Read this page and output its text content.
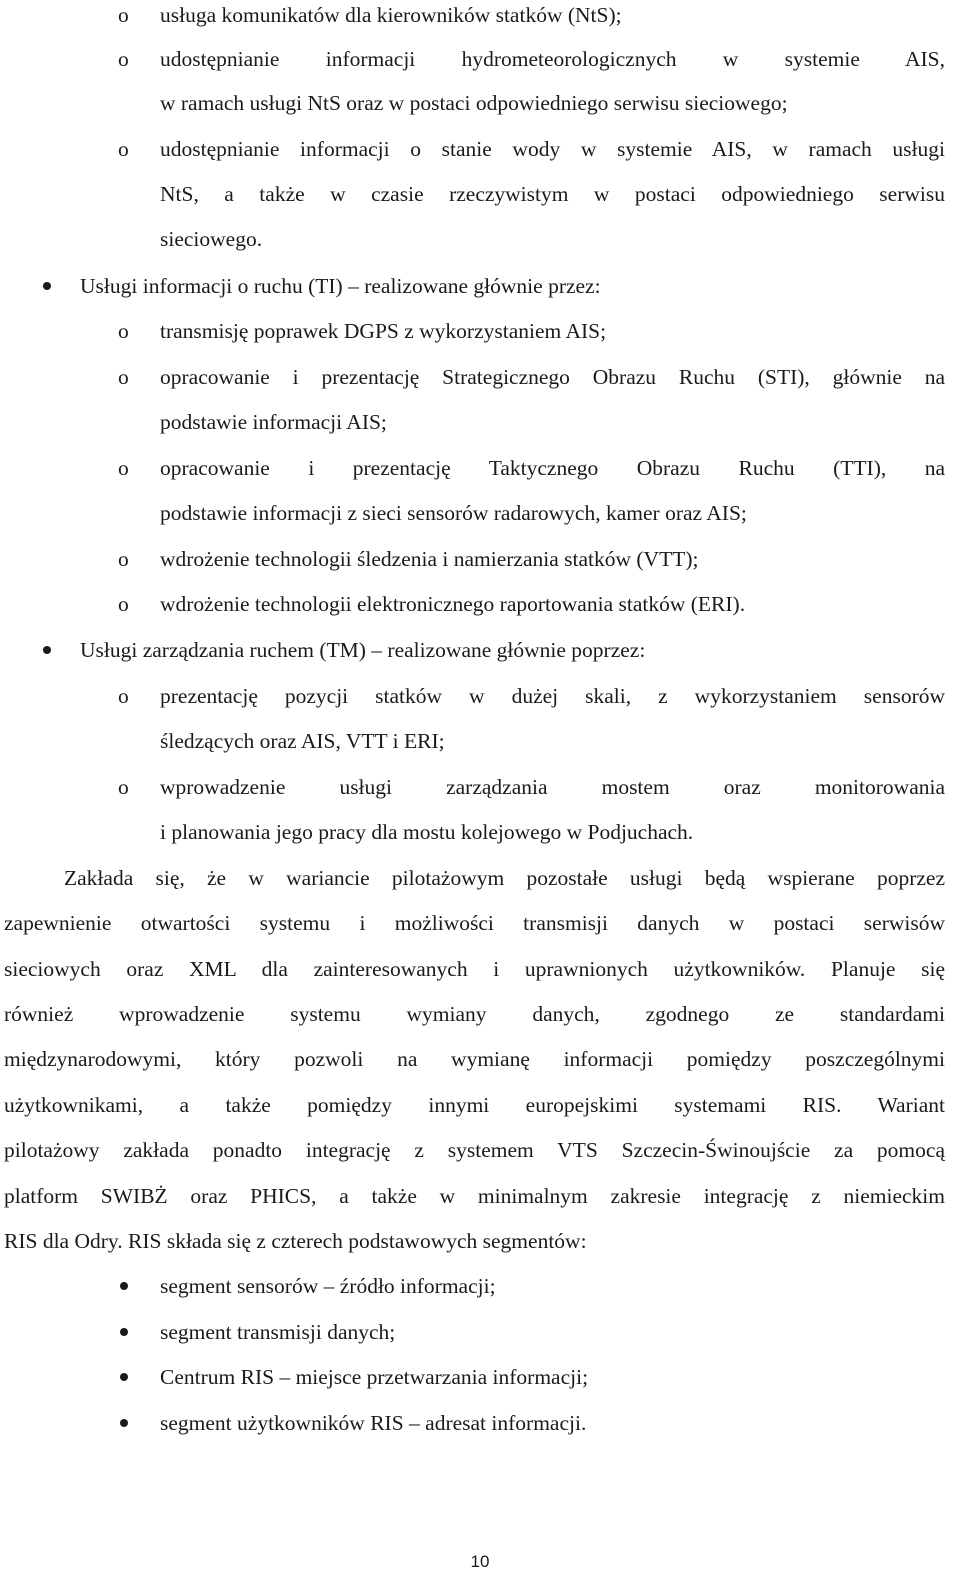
o usługa komunikatów dla kierowników statków (NtS);
o udostępnianie informacji hydrometeorologicznych w systemie AIS,
w ramach usługi NtS oraz w postaci odpowiedniego serwisu sieciowego;
o udostępnianie informacji o stanie wody w systemie AIS, w ramach usługi
NtS, a także w czasie rzeczywistym w postaci odpowiedniego serwisu
sieciowego.
Usługi informacji o ruchu (TI) – realizowane głównie przez:
o transmisję poprawek DGPS z wykorzystaniem AIS;
o opracowanie i prezentację Strategicznego Obrazu Ruchu (STI), głównie na
podstawie informacji AIS;
o opracowanie i prezentację Taktycznego Obrazu Ruchu (TTI), na
podstawie informacji z sieci sensorów radarowych, kamer oraz AIS;
o wdrożenie technologii śledzenia i namierzania statków (VTT);
o wdrożenie technologii elektronicznego raportowania statków (ERI).
Usługi zarządzania ruchem (TM) – realizowane głównie poprzez:
o prezentację pozycji statków w dużej skali, z wykorzystaniem sensorów
śledzących oraz AIS, VTT i ERI;
o wprowadzenie usługi zarządzania mostem oraz monitorowania
i planowania jego pracy dla mostu kolejowego w Podjuchach.
Zakłada się, że w wariancie pilotażowym pozostałe usługi będą wspierane poprzez
zapewnienie otwartości systemu i możliwości transmisji danych w postaci serwisów
sieciowych oraz XML dla zainteresowanych i uprawnionych użytkowników. Planuje się
również wprowadzenie systemu wymiany danych, zgodnego ze standardami
międzynarodowymi, który pozwoli na wymianę informacji pomiędzy poszczególnymi
użytkownikami, a także pomiędzy innymi europejskimi systemami RIS. Wariant
pilotażowy zakłada ponadto integrację z systemem VTS Szczecin-Świnoujście za pomocą
platform SWIBŻ oraz PHICS, a także w minimalnym zakresie integrację z niemieckim
RIS dla Odry. RIS składa się z czterech podstawowych segmentów:
segment sensorów – źródło informacji;
segment transmisji danych;
Centrum RIS – miejsce przetwarzania informacji;
segment użytkowników RIS – adresat informacji.
10
